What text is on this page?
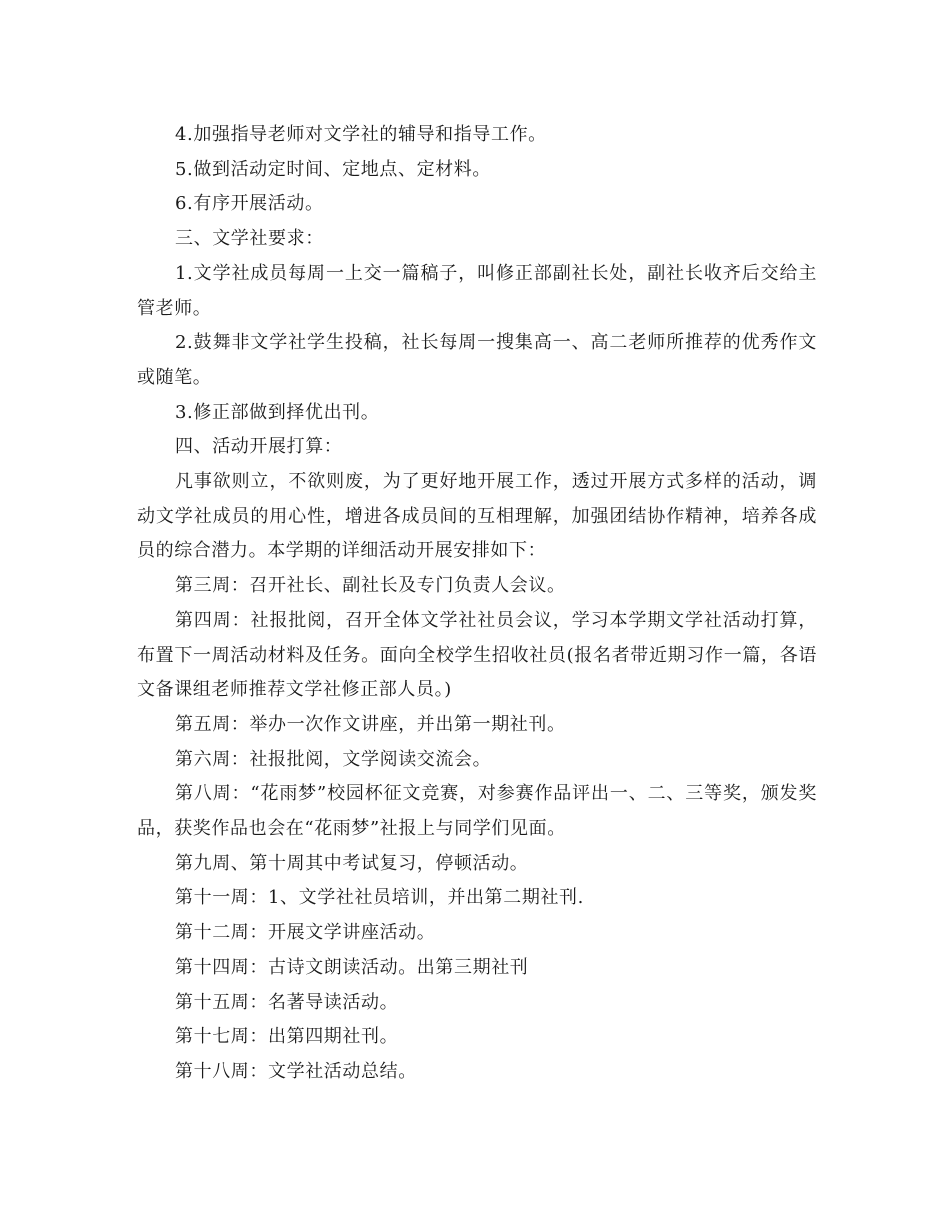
4.加强指导老师对文学社的辅导和指导工作。

5.做到活动定时间、定地点、定材料。

6.有序开展活动。

三、文学社要求：

1.文学社成员每周一上交一篇稿子，叫修正部副社长处，副社长收齐后交给主管老师。

2.鼓舞非文学社学生投稿，社长每周一搜集高一、高二老师所推荐的优秀作文或随笔。

3.修正部做到择优出刊。

四、活动开展打算：

凡事欲则立，不欲则废，为了更好地开展工作，透过开展方式多样的活动，调动文学社成员的用心性，增进各成员间的互相理解，加强团结协作精神，培养各成员的综合潜力。本学期的详细活动开展安排如下：

第三周：召开社长、副社长及专门负责人会议。

第四周：社报批阅，召开全体文学社社员会议，学习本学期文学社活动打算，布置下一周活动材料及任务。面向全校学生招收社员(报名者带近期习作一篇，各语文备课组老师推荐文学社修正部人员。)

第五周：举办一次作文讲座，并出第一期社刊。

第六周：社报批阅，文学阅读交流会。

第八周：“花雨梦”校园杯征文竞赛，对参赛作品评出一、二、三等奖，颁发奖品，获奖作品也会在“花雨梦”社报上与同学们见面。

第九周、第十周其中考试复习，停顿活动。

第十一周：1、文学社社员培训，并出第二期社刊.

第十二周：开展文学讲座活动。

第十四周：古诗文朗读活动。出第三期社刊

第十五周：名著导读活动。

第十七周：出第四期社刊。

第十八周：文学社活动总结。
